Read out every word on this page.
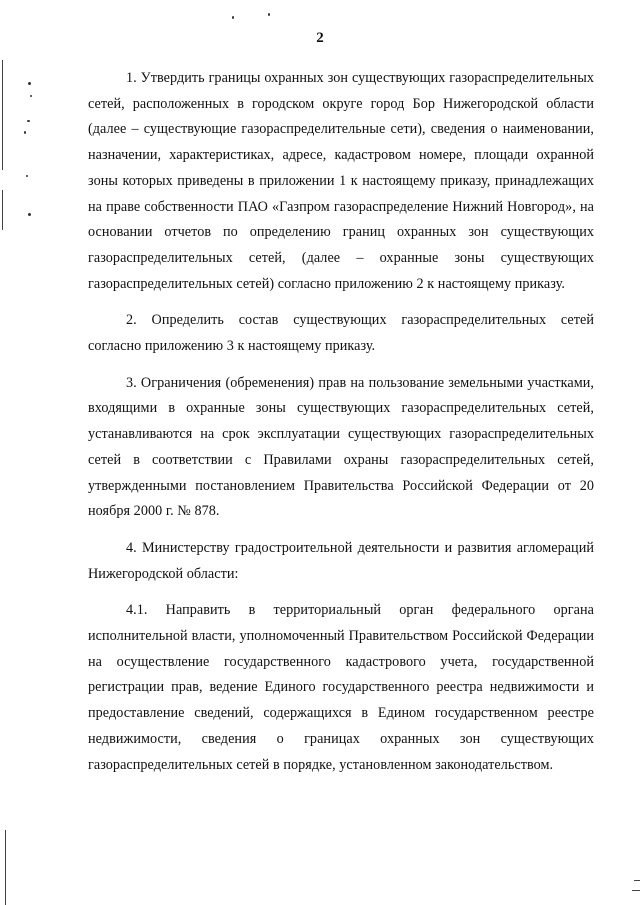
2

1. Утвердить границы охранных зон существующих газораспределительных сетей, расположенных в городском округе город Бор Нижегородской области (далее – существующие газораспределительные сети), сведения о наименовании, назначении, характеристиках, адресе, кадастровом номере, площади охранной зоны которых приведены в приложении 1 к настоящему приказу, принадлежащих на праве собственности ПАО «Газпром газораспределение Нижний Новгород», на основании отчетов по определению границ охранных зон существующих газораспределительных сетей, (далее – охранные зоны существующих газораспределительных сетей) согласно приложению 2 к настоящему приказу.

2. Определить состав существующих газораспределительных сетей согласно приложению 3 к настоящему приказу.

3. Ограничения (обременения) прав на пользование земельными участками, входящими в охранные зоны существующих газораспределительных сетей, устанавливаются на срок эксплуатации существующих газораспределительных сетей в соответствии с Правилами охраны газораспределительных сетей, утвержденными постановлением Правительства Российской Федерации от 20 ноября 2000 г. № 878.

4. Министерству градостроительной деятельности и развития агломераций Нижегородской области:

4.1. Направить в территориальный орган федерального органа исполнительной власти, уполномоченный Правительством Российской Федерации на осуществление государственного кадастрового учета, государственной регистрации прав, ведение Единого государственного реестра недвижимости и предоставление сведений, содержащихся в Едином государственном реестре недвижимости, сведения о границах охранных зон существующих газораспределительных сетей в порядке, установленном законодательством.
